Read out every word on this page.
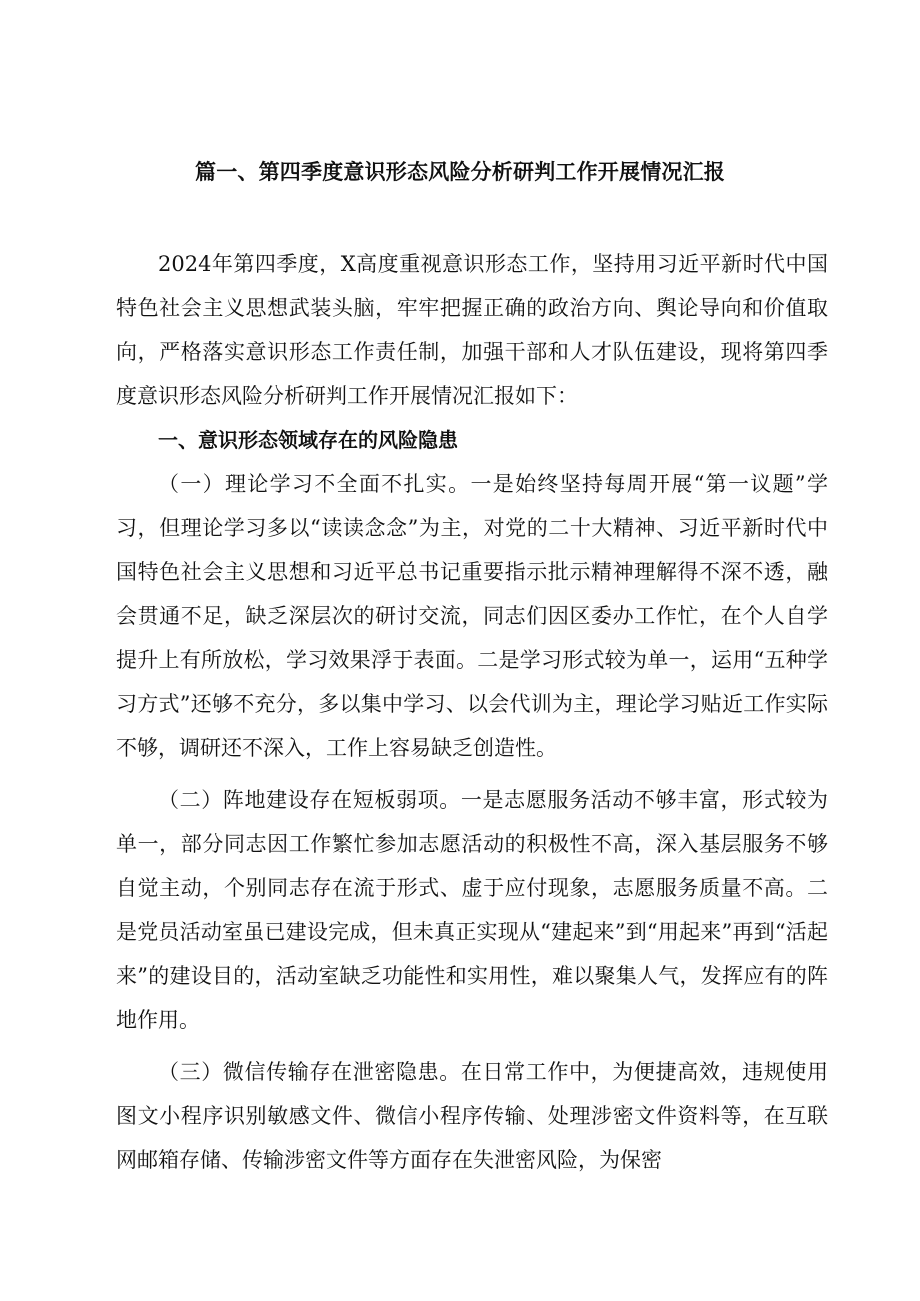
篇一、第四季度意识形态风险分析研判工作开展情况汇报

2024年第四季度，X高度重视意识形态工作，坚持用习近平新时代中国特色社会主义思想武装头脑，牢牢把握正确的政治方向、舆论导向和价值取向，严格落实意识形态工作责任制，加强干部和人才队伍建设，现将第四季度意识形态风险分析研判工作开展情况汇报如下：

一、意识形态领域存在的风险隐患

（一）理论学习不全面不扎实。一是始终坚持每周开展“第一议题”学习，但理论学习多以“读读念念”为主，对党的二十大精神、习近平新时代中国特色社会主义思想和习近平总书记重要指示批示精神理解得不深不透，融会贯通不足，缺乏深层次的研讨交流，同志们因区委办工作忙，在个人自学提升上有所放松，学习效果浮于表面。二是学习形式较为单一，运用“五种学习方式”还够不充分，多以集中学习、以会代训为主，理论学习贴近工作实际不够，调研还不深入，工作上容易缺乏创造性。

（二）阵地建设存在短板弱项。一是志愿服务活动不够丰富，形式较为单一，部分同志因工作繁忙参加志愿活动的积极性不高，深入基层服务不够自觉主动，个别同志存在流于形式、虚于应付现象，志愿服务质量不高。二是党员活动室虽已建设完成，但未真正实现从“建起来”到“用起来”再到“活起来”的建设目的，活动室缺乏功能性和实用性，难以聚集人气，发挥应有的阵地作用。

（三）微信传输存在泄密隐患。在日常工作中，为便捷高效，违规使用图文小程序识别敏感文件、微信小程序传输、处理涉密文件资料等，在互联网邮箱存储、传输涉密文件等方面存在失泄密风险，为保密
